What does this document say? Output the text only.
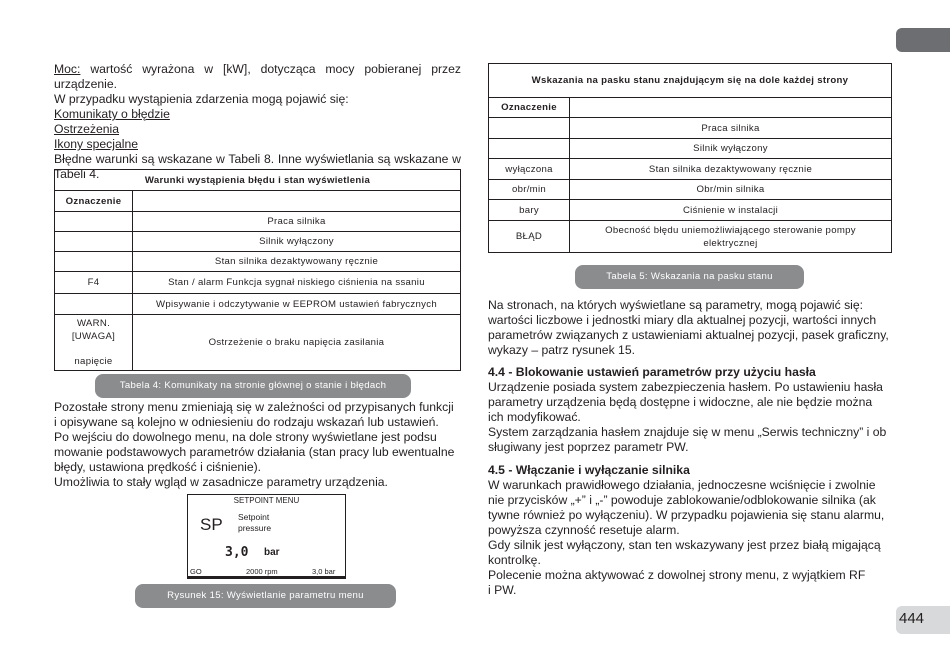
444

Moc: wartość wyrażona w [kW], dotycząca mocy pobieranej przez urządzenie.

W przypadku wystąpienia zdarzenia mogą pojawić się:

Komunikaty o błędzie

Ostrzeżenia

Ikony specjalne

Błędne warunki są wskazane w Tabeli 8. Inne wyświetlania są wskazane w Tabeli 4.	Warunki wystąpienia błędu i stan wyświetlenia	
Oznaczenie	
	Praca silnika
	Silnik wyłączony
	Stan silnika dezaktywowany ręcznie
F4	Stan / alarm Funkcja sygnał niskiego ciśnienia na ssaniu
	Wpisywanie i odczytywanie w EEPROM ustawień fabrycznych

WARN.
[UWAGA]
napięcie	Ostrzeżenie o braku napięcia zasilania
Tabela 4: Komunikaty na stronie głównej o stanie i błędach

Pozostałe strony menu zmieniają się w zależności od przypisanych funkcji

i opisywane są kolejno w odniesieniu do rodzaju wskazań lub ustawień.

Po wejściu do dowolnego menu, na dole strony wyświetlane jest podsu

mowanie podstawowych parametrów działania (stan pracy lub ewentualne

błędy, ustawiona prędkość i ciśnienie).

Umożliwia to stały wgląd w zasadnicze parametry urządzenia.

SETPOINT MENU
SP Setpoint
pressure
3,0 bar
GO	2000 rpm	3,0 bar
Rysunek 15: Wyświetlanie parametru menu
Wskazania na pasku stanu znajdującym się na dole każdej strony	
Oznaczenie	
	Praca silnika
	Silnik wyłączony
wyłączona	Stan silnika dezaktywowany ręcznie
obr/min	Obr/min silnika
bary	Ciśnienie w instalacji
BŁĄD	Obecność błędu uniemożliwiającego sterowanie pompy
elektrycznej
Tabela 5: Wskazania na pasku stanu

Na stronach, na których wyświetlane są parametry, mogą pojawić się:

wartości liczbowe i jednostki miary dla aktualnej pozycji, wartości innych

parametrów związanych z ustawieniami aktualnej pozycji, pasek graficzny,

wykazy – patrz rysunek 15.

4.4 - Blokowanie ustawień parametrów przy użyciu hasła

Urządzenie posiada system zabezpieczenia hasłem. Po ustawieniu hasła

parametry urządzenia będą dostępne i widoczne, ale nie będzie można

ich modyfikować.

System zarządzania hasłem znajduje się w menu „Serwis techniczny” i ob

sługiwany jest poprzez parametr PW.

4.5 - Włączanie i wyłączanie silnika

W warunkach prawidłowego działania, jednoczesne wciśnięcie i zwolnie

nie przycisków „+” i „-” powoduje zablokowanie/odblokowanie silnika (ak

tywne również po wyłączeniu). W przypadku pojawienia się stanu alarmu,

powyższa czynność resetuje alarm.

Gdy silnik jest wyłączony, stan ten wskazywany jest przez białą migającą

kontrolkę.

Polecenie można aktywować z dowolnej strony menu, z wyjątkiem RF

i PW.
